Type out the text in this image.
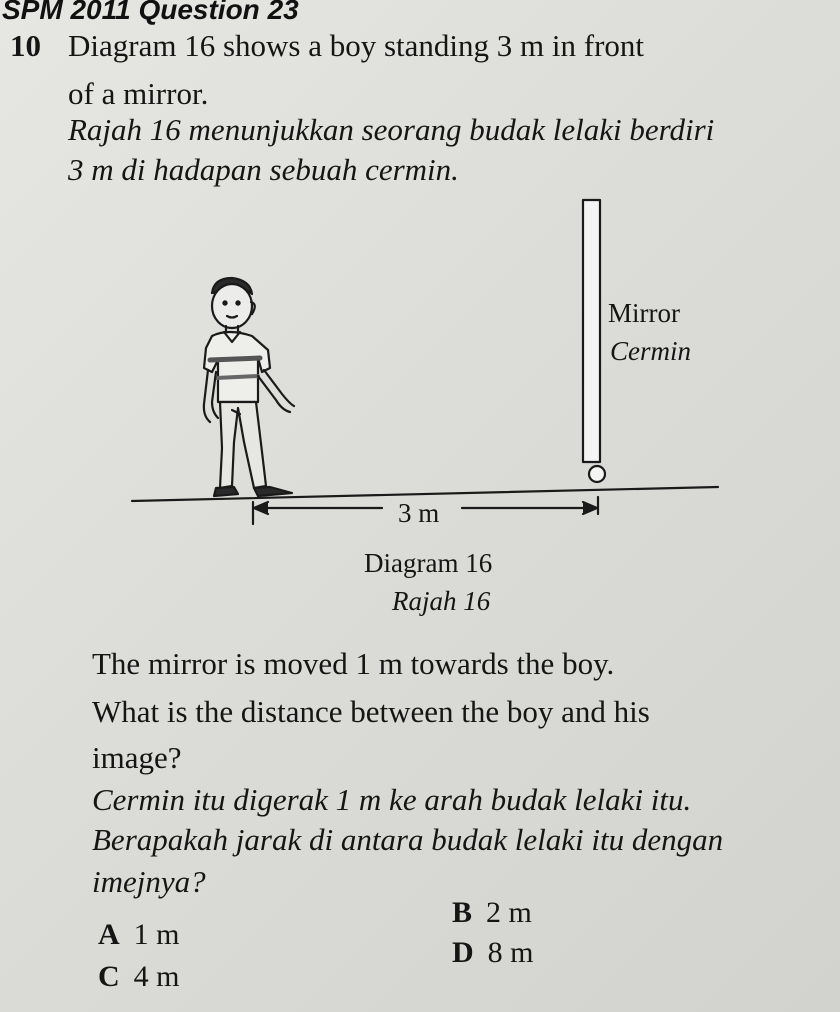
SPM 2011 Question 23
10 Diagram 16 shows a boy standing 3 m in front
of a mirror.
Rajah 16 menunjukkan seorang budak lelaki berdiri
3 m di hadapan sebuah cermin.
Mirror
Cermin
3 m
Diagram 16
Rajah 16
The mirror is moved 1 m towards the boy.
What is the distance between the boy and his
image?
Cermin itu digerak 1 m ke arah budak lelaki itu.
Berapakah jarak di antara budak lelaki itu dengan
imejnya?
A 1 m
B 2 m
C 4 m
D 8 m
